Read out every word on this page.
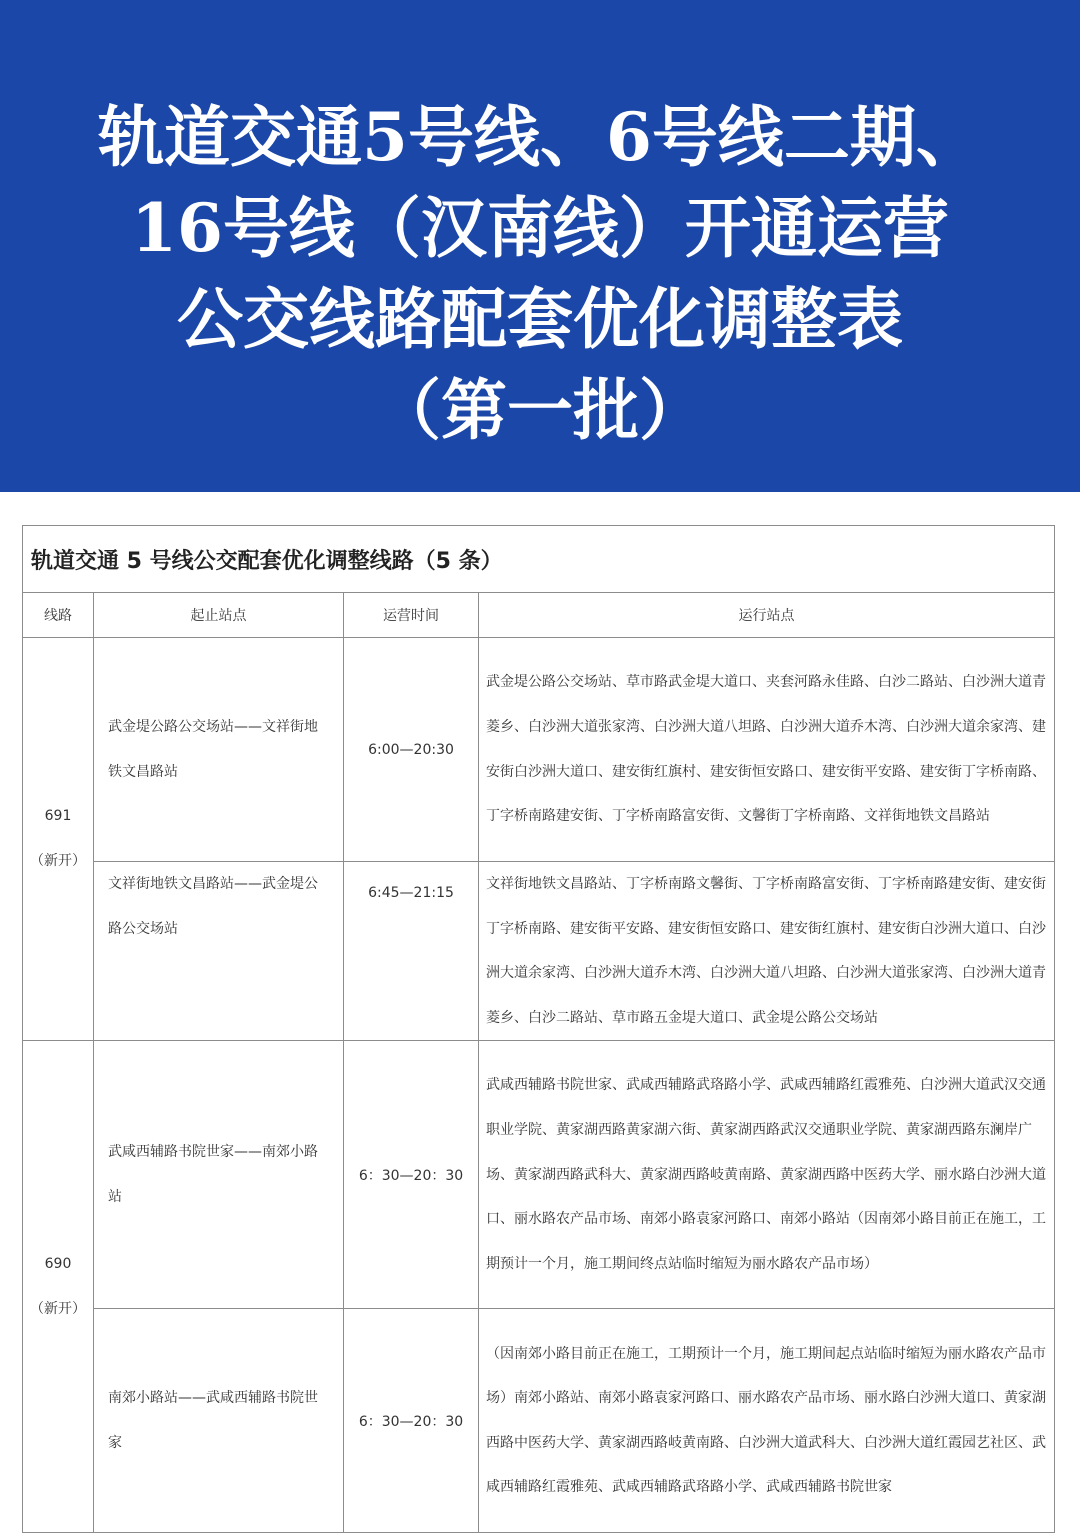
轨道交通5号线、6号线二期、
16号线（汉南线）开通运营
公交线路配套优化调整表
（第一批）
轨道交通 5 号线公交配套优化调整线路（5 条）			
线路	起止站点	运营时间	运行站点

691
（新开）	武金堤公路公交场站——文祥街地铁文昌路站	6:00—20:30	武金堤公路公交场站、草市路武金堤大道口、夹套河路永佳路、白沙二路站、白沙洲大道青菱乡、白沙洲大道张家湾、白沙洲大道八坦路、白沙洲大道乔木湾、白沙洲大道余家湾、建安街白沙洲大道口、建安街红旗村、建安街恒安路口、建安街平安路、建安街丁字桥南路、丁字桥南路建安街、丁字桥南路富安街、文馨街丁字桥南路、文祥街地铁文昌路站

	文祥街地铁文昌路站——武金堤公路公交场站	6:45—21:15	文祥街地铁文昌路站、丁字桥南路文馨街、丁字桥南路富安街、丁字桥南路建安街、建安街丁字桥南路、建安街平安路、建安街恒安路口、建安街红旗村、建安街白沙洲大道口、白沙洲大道余家湾、白沙洲大道乔木湾、白沙洲大道八坦路、白沙洲大道张家湾、白沙洲大道青菱乡、白沙二路站、草市路五金堤大道口、武金堤公路公交场站

690
（新开）	武咸西辅路书院世家——南郊小路站	6：30—20：30	武咸西辅路书院世家、武咸西辅路武珞路小学、武咸西辅路红霞雅苑、白沙洲大道武汉交通职业学院、黄家湖西路黄家湖六街、黄家湖西路武汉交通职业学院、黄家湖西路东澜岸广场、黄家湖西路武科大、黄家湖西路岐黄南路、黄家湖西路中医药大学、丽水路白沙洲大道口、丽水路农产品市场、南郊小路袁家河路口、南郊小路站（因南郊小路目前正在施工，工期预计一个月，施工期间终点站临时缩短为丽水路农产品市场）

	南郊小路站——武咸西辅路书院世家	6：30—20：30	（因南郊小路目前正在施工，工期预计一个月，施工期间起点站临时缩短为丽水路农产品市场）南郊小路站、南郊小路袁家河路口、丽水路农产品市场、丽水路白沙洲大道口、黄家湖西路中医药大学、黄家湖西路岐黄南路、白沙洲大道武科大、白沙洲大道红霞园艺社区、武咸西辅路红霞雅苑、武咸西辅路武珞路小学、武咸西辅路书院世家
